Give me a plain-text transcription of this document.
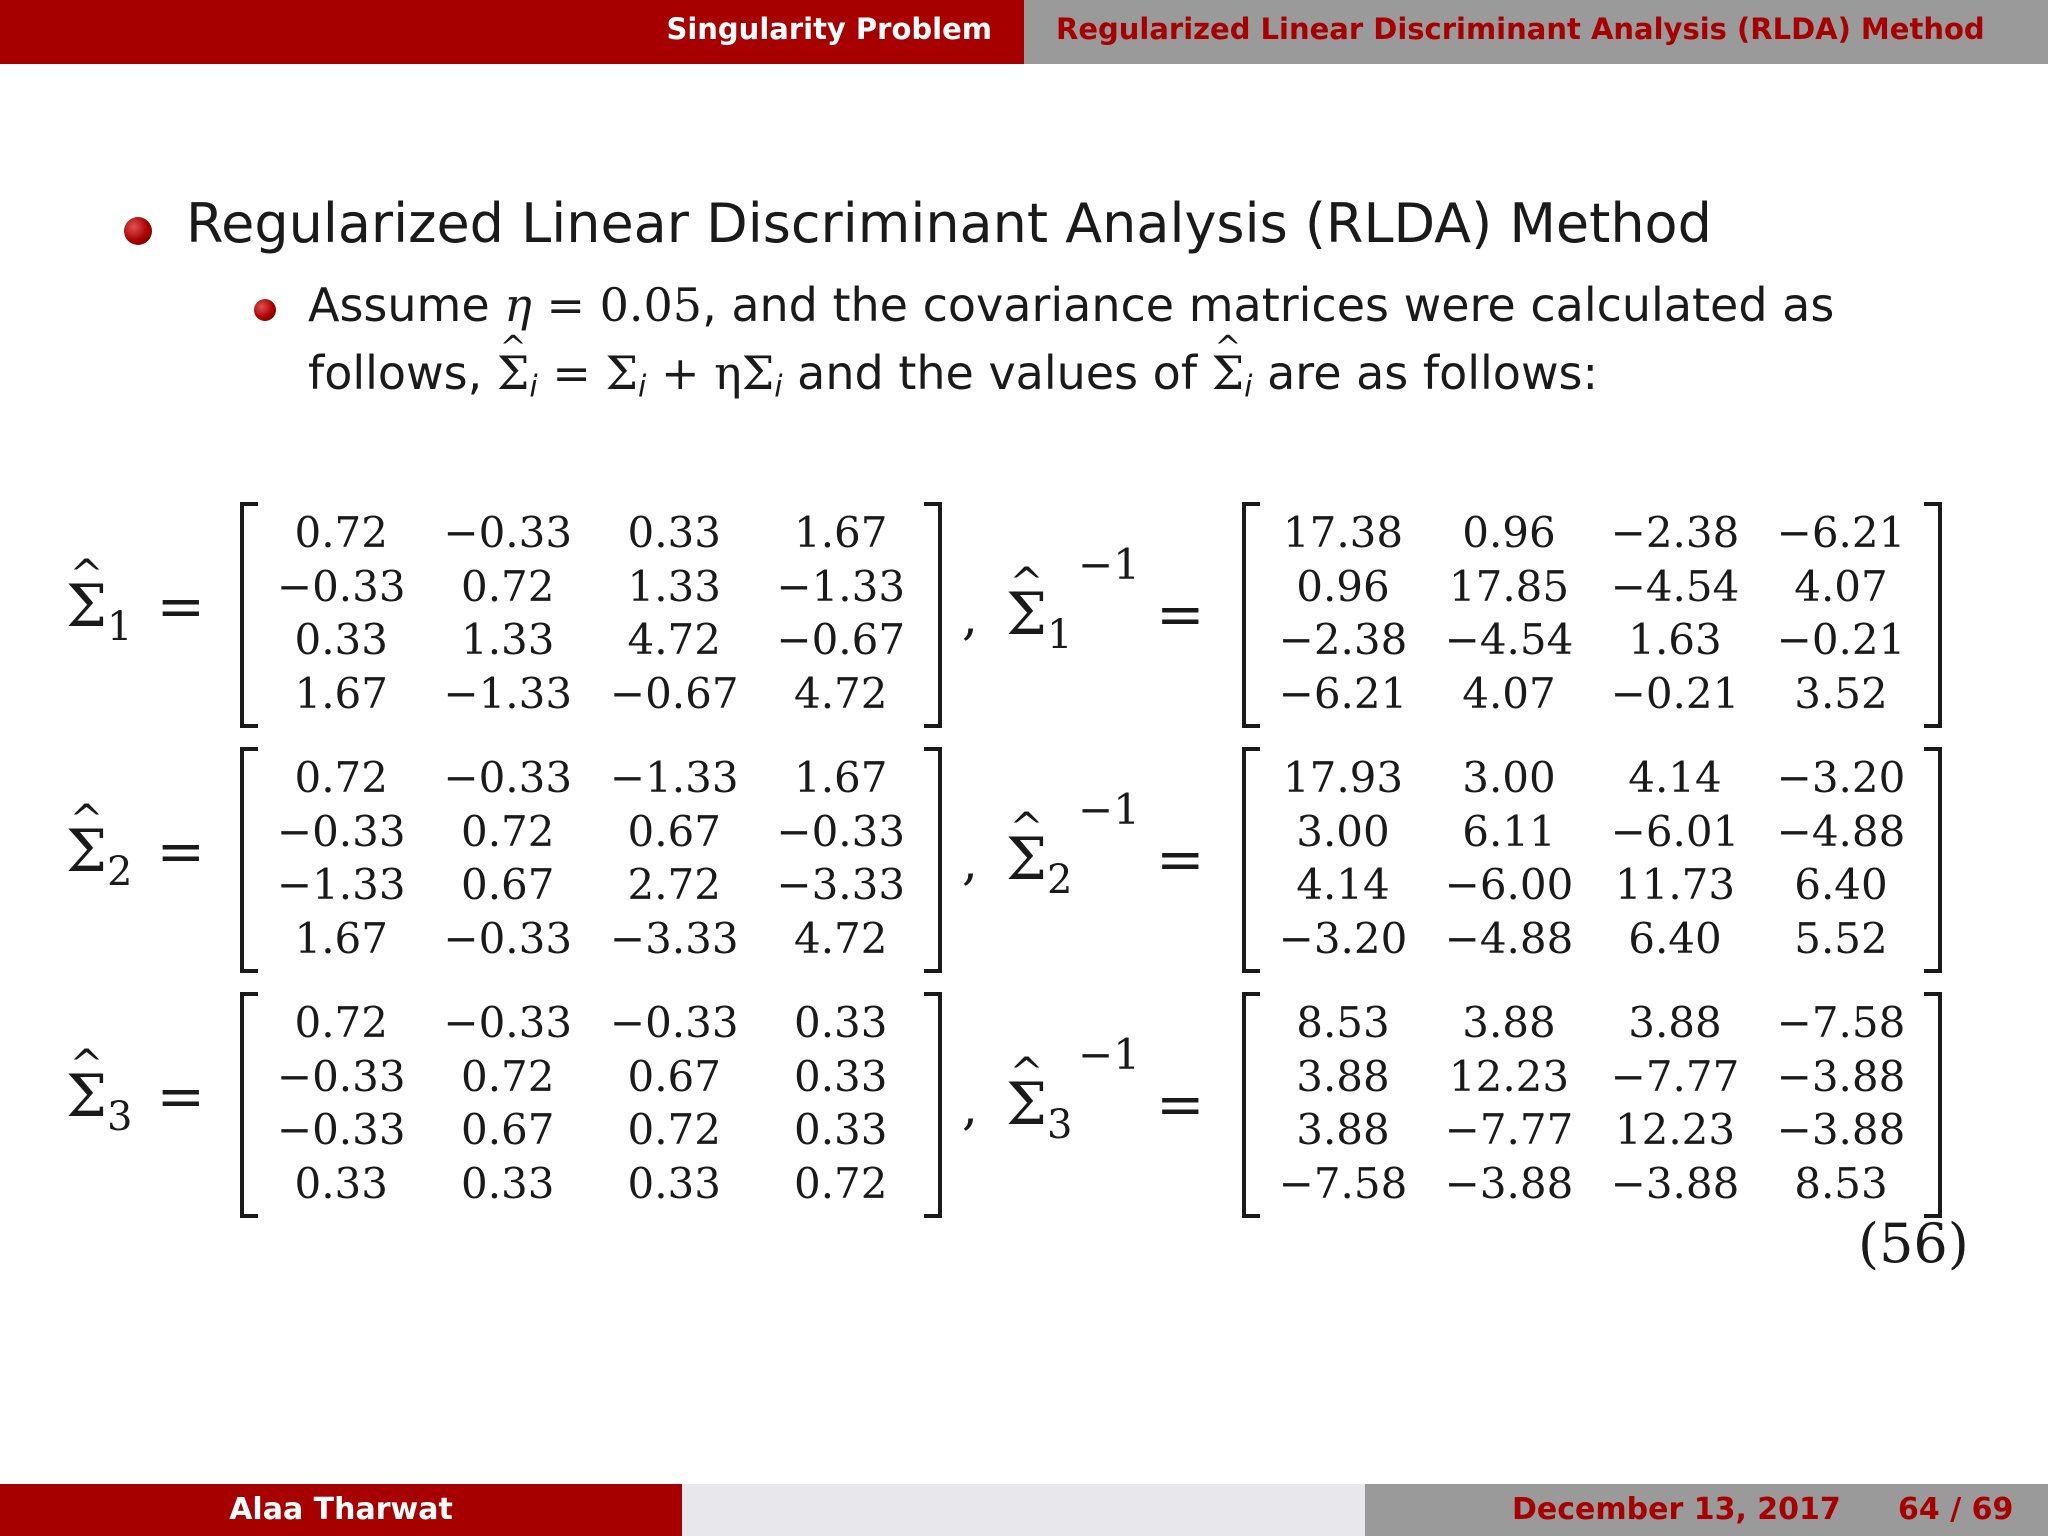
Singularity Problem Regularized Linear Discriminant Analysis (RLDA) Method
Regularized Linear Discriminant Analysis (RLDA) Method
Assume η = 0.05, and the covariance matrices were calculated as
follows, ^ $\Sigma_i = \Sigma_i + \eta\Sigma_i$ and the values of ^ $\Sigma_i$ are as follows:
^ $\Sigma_1$ =
0.72	−0.33	0.33	1.67
−0.33	0.72	1.33	−1.33
0.33	1.33	4.72	−0.67
1.67	−1.33 −0.67	4.72
, ^ $\Sigma_1$
−1
=
17.38	0.96	−2.38 −6.21
0.96	17.85 −4.54	4.07
−2.38 −4.54	1.63	−0.21
−6.21	4.07	−0.21	3.52
^ $\Sigma_2$ =
0.72	−0.33 −1.33	1.67
−0.33	0.72	0.67	−0.33
−1.33	0.67	2.72	−3.33
1.67	−0.33 −3.33	4.72
, ^ $\Sigma_2$
−1
=
17.93	3.00	4.14	−3.20
3.00	6.11	−6.01 −4.88
4.14	−6.00 11.73	6.40
−3.20 −4.88	6.40	5.52
^ $\Sigma_3$ =
0.72	−0.33 −0.33	0.33
−0.33	0.72	0.67	0.33
−0.33	0.67	0.72	0.33
0.33	0.33	0.33	0.72
, ^ $\Sigma_3$
−1
=
8.53	3.88	3.88	−7.58
3.88	12.23 −7.77 −3.88
3.88	−7.77 12.23 −3.88
−7.58 −3.88 −3.88	8.53
(56)
Alaa Tharwat	December 13, 2017 64 / 69
